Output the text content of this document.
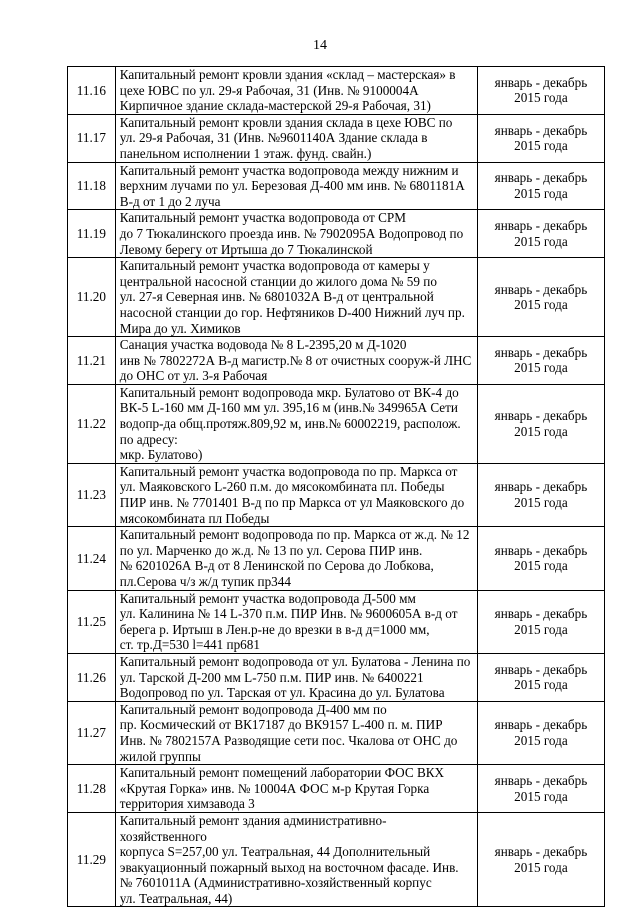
14
11.16	Капитальный ремонт кровли здания «склад – мастерская» в
цехе ЮВС по ул. 29-я Рабочая, 31 (Инв. № 9100004А
Кирпичное здание склада-мастерской 29-я Рабочая, 31)	январь - декабрь
2015 года
11.17	Капитальный ремонт кровли здания склада в цехе ЮВС по
ул. 29-я Рабочая, 31 (Инв. №9601140А Здание склада в
панельном исполнении 1 этаж. фунд. свайн.)	январь - декабрь
2015 года
11.18	Капитальный ремонт участка водопровода между нижним и
верхним лучами по ул. Березовая Д-400 мм инв. № 6801181А
В-д от 1 до 2 луча	январь - декабрь
2015 года
11.19	Капитальный ремонт участка водопровода от СРМ
до 7 Тюкалинского проезда инв. № 7902095А Водопровод по
Левому берегу от Иртыша до 7 Тюкалинской	январь - декабрь
2015 года
11.20	Капитальный ремонт участка водопровода от камеры у
центральной насосной станции до жилого дома № 59 по
ул. 27-я Северная инв. № 6801032А В-д от центральной
насосной станции до гор. Нефтяников D-400 Нижний луч пр.
Мира до ул. Химиков	январь - декабрь
2015 года
11.21	Санация участка водовода № 8 L-2395,20 м Д-1020
инв № 7802272А В-д магистр.№ 8 от очистных сооруж-й ЛНС
до ОНС от ул. 3-я Рабочая	январь - декабрь
2015 года
11.22	Капитальный ремонт водопровода мкр. Булатово от ВК-4 до
ВК-5 L-160 мм Д-160 мм ул. 395,16 м (инв.№ 349965А Сети водопр-да общ.протяж.809,92 м, инв.№ 60002219, располож. по адресу:
мкр. Булатово)	январь - декабрь
2015 года
11.23	Капитальный ремонт участка водопровода по пр. Маркса от
ул. Маяковского L-260 п.м. до мясокомбината пл. Победы
ПИР инв. № 7701401 В-д по пр Маркса от ул Маяковского до
мясокомбината пл Победы	январь - декабрь
2015 года
11.24	Капитальный ремонт водопровода по пр. Маркса от ж.д. № 12
по ул. Марченко до ж.д. № 13 по ул. Серова ПИР инв.
№ 6201026А В-д от 8 Ленинской по Серова до Лобкова,
пл.Серова ч/з ж/д тупик пр344	январь - декабрь
2015 года
11.25	Капитальный ремонт участка водопровода Д-500 мм
ул. Калинина № 14 L-370 п.м. ПИР Инв. № 9600605А в-д от
берега р. Иртыш в Лен.р-не до врезки в в-д д=1000 мм,
ст. тр.Д=530 l=441 пр681	январь - декабрь
2015 года
11.26	Капитальный ремонт водопровода от ул. Булатова - Ленина по
ул. Тарской Д-200 мм L-750 п.м. ПИР инв. № 6400221
Водопровод по ул. Тарская от ул. Красина до ул. Булатова	январь - декабрь
2015 года
11.27	Капитальный ремонт водопровода Д-400 мм по
пр. Космический от ВК17187 до ВК9157 L-400 п. м. ПИР
Инв. № 7802157А Разводящие сети пос. Чкалова от ОНС до
жилой группы	январь - декабрь
2015 года
11.28	Капитальный ремонт помещений лаборатории ФОС ВКХ
«Крутая Горка» инв. № 10004А ФОС м-р Крутая Горка
территория химзавода 3	январь - декабрь
2015 года
11.29	Капитальный ремонт здания административно-хозяйственного
корпуса S=257,00 ул. Театральная, 44 Дополнительный
эвакуационный пожарный выход на восточном фасаде. Инв.
№ 7601011А (Административно-хозяйственный корпус
ул. Театральная, 44)	январь - декабрь
2015 года
